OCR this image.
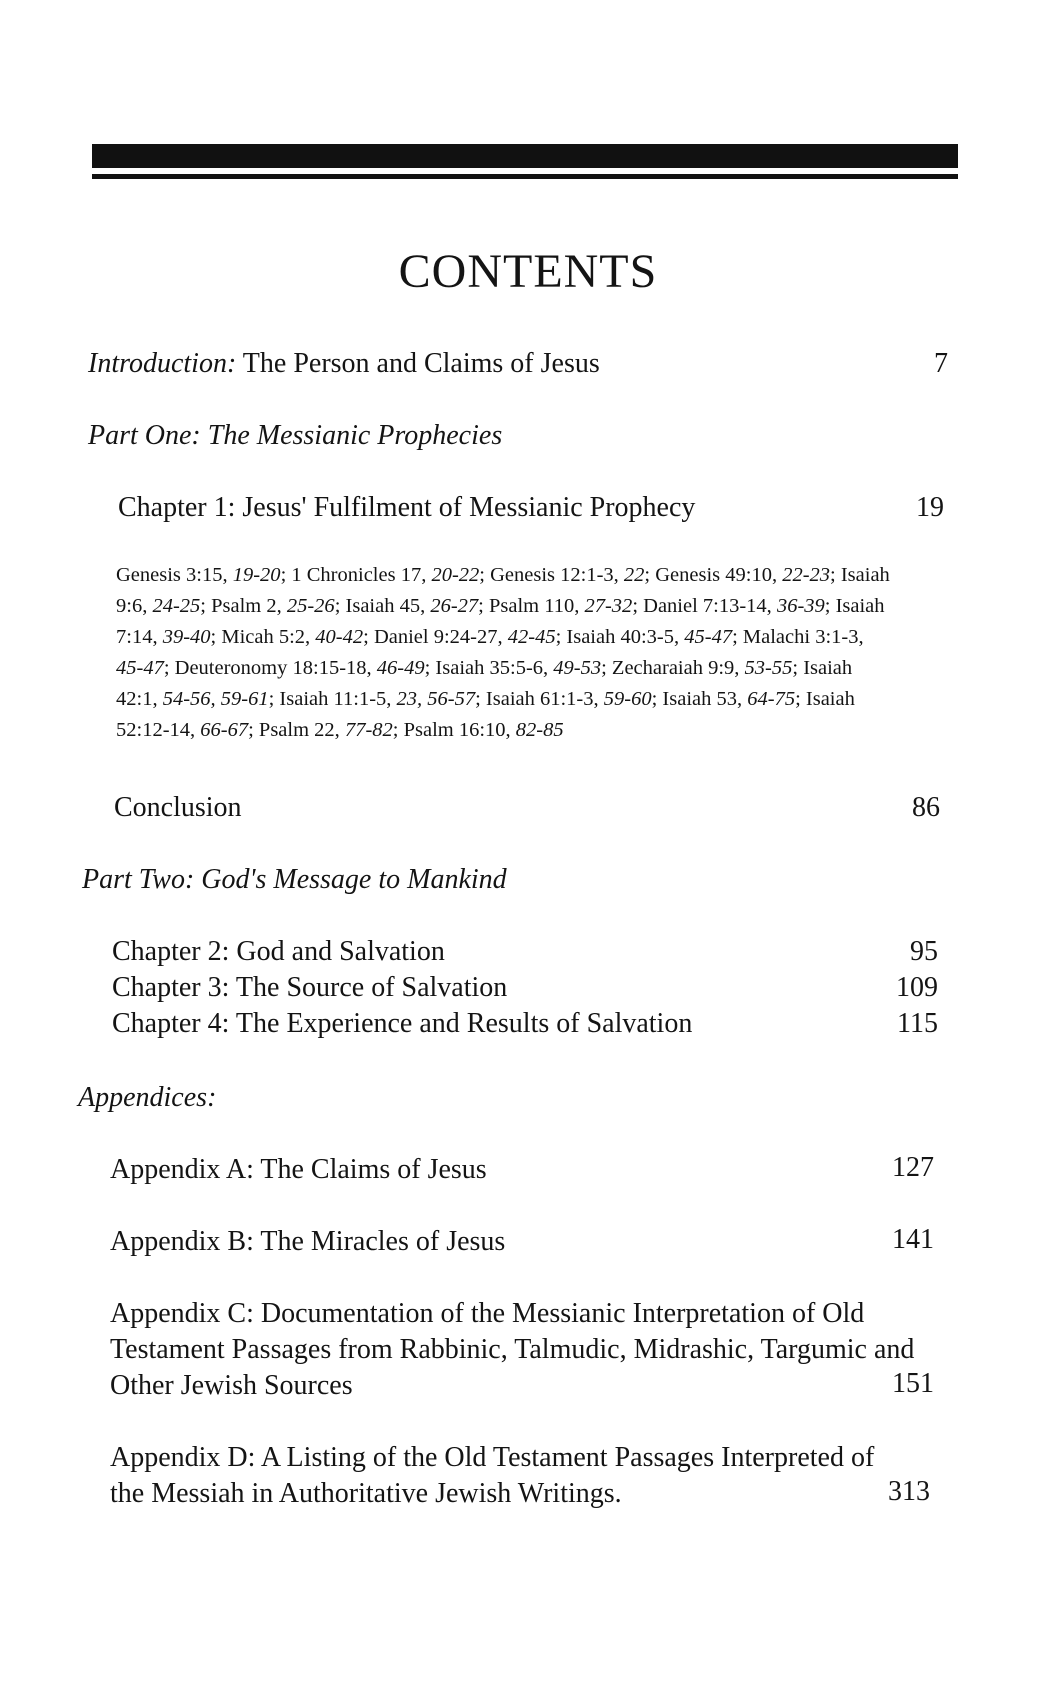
CONTENTS
Introduction: The Person and Claims of Jesus	7
Part One: The Messianic Prophecies
Chapter 1: Jesus' Fulfilment of Messianic Prophecy	19
Genesis 3:15, 19-20; 1 Chronicles 17, 20-22; Genesis 12:1-3, 22; Genesis 49:10, 22-23; Isaiah 9:6, 24-25; Psalm 2, 25-26; Isaiah 45, 26-27; Psalm 110, 27-32; Daniel 7:13-14, 36-39; Isaiah 7:14, 39-40; Micah 5:2, 40-42; Daniel 9:24-27, 42-45; Isaiah 40:3-5, 45-47; Malachi 3:1-3, 45-47; Deuteronomy 18:15-18, 46-49; Isaiah 35:5-6, 49-53; Zecharaiah 9:9, 53-55; Isaiah 42:1, 54-56, 59-61; Isaiah 11:1-5, 23, 56-57; Isaiah 61:1-3, 59-60; Isaiah 53, 64-75; Isaiah 52:12-14, 66-67; Psalm 22, 77-82; Psalm 16:10, 82-85
Conclusion	86
Part Two: God's Message to Mankind
Chapter 2: God and Salvation	95
Chapter 3: The Source of Salvation	109
Chapter 4: The Experience and Results of Salvation	115
Appendices:
Appendix A: The Claims of Jesus	127
Appendix B: The Miracles of Jesus	141
Appendix C: Documentation of the Messianic Interpretation of Old
Testament Passages from Rabbinic, Talmudic, Midrashic, Targumic and
Other Jewish Sources	151
Appendix D: A Listing of the Old Testament Passages Interpreted of
the Messiah in Authoritative Jewish Writings.	313
